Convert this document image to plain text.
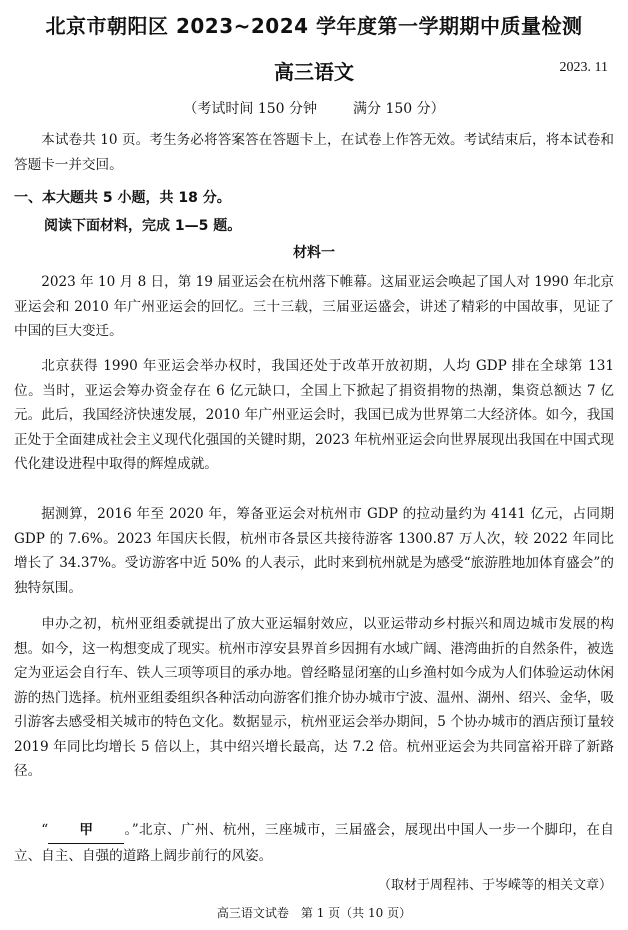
北京市朝阳区 2023~2024 学年度第一学期期中质量检测
高三语文	2023. 11
（考试时间 150 分钟	满分 150 分）

本试卷共 10 页。考生务必将答案答在答题卡上，在试卷上作答无效。考试结束后，将本试卷和答题卡一并交回。

一、本大题共 5 小题，共 18 分。
阅读下面材料，完成 1—5 题。
材料一

2023 年 10 月 8 日，第 19 届亚运会在杭州落下帷幕。这届亚运会唤起了国人对 1990 年北京亚运会和 2010 年广州亚运会的回忆。三十三载，三届亚运盛会，讲述了精彩的中国故事，见证了中国的巨大变迁。

北京获得 1990 年亚运会举办权时，我国还处于改革开放初期，人均 GDP 排在全球第 131 位。当时，亚运会筹办资金存在 6 亿元缺口，全国上下掀起了捐资捐物的热潮，集资总额达 7 亿元。此后，我国经济快速发展，2010 年广州亚运会时，我国已成为世界第二大经济体。如今，我国正处于全面建成社会主义现代化强国的关键时期，2023 年杭州亚运会向世界展现出我国在中国式现代化建设进程中取得的辉煌成就。

据测算，2016 年至 2020 年，筹备亚运会对杭州市 GDP 的拉动量约为 4141 亿元，占同期 GDP 的 7.6%。2023 年国庆长假，杭州市各景区共接待游客 1300.87 万人次，较 2022 年同比增长了 34.37%。受访游客中近 50% 的人表示，此时来到杭州就是为感受“旅游胜地加体育盛会”的独特氛围。

申办之初，杭州亚组委就提出了放大亚运辐射效应，以亚运带动乡村振兴和周边城市发展的构想。如今，这一构想变成了现实。杭州市淳安县界首乡因拥有水域广阔、港湾曲折的自然条件，被选定为亚运会自行车、铁人三项等项目的承办地。曾经略显闭塞的山乡渔村如今成为人们体验运动休闲游的热门选择。杭州亚组委组织各种活动向游客们推介协办城市宁波、温州、湖州、绍兴、金华，吸引游客去感受相关城市的特色文化。数据显示，杭州亚运会举办期间，5 个协办城市的酒店预订量较 2019 年同比均增长 5 倍以上，其中绍兴增长最高，达 7.2 倍。杭州亚运会为共同富裕开辟了新路径。

“ 甲 。”北京、广州、杭州，三座城市，三届盛会，展现出中国人一步一个脚印，在自立、自主、自强的道路上阔步前行的风姿。

（取材于周程祎、于岑嵘等的相关文章）
高三语文试卷　第 1 页（共 10 页）
